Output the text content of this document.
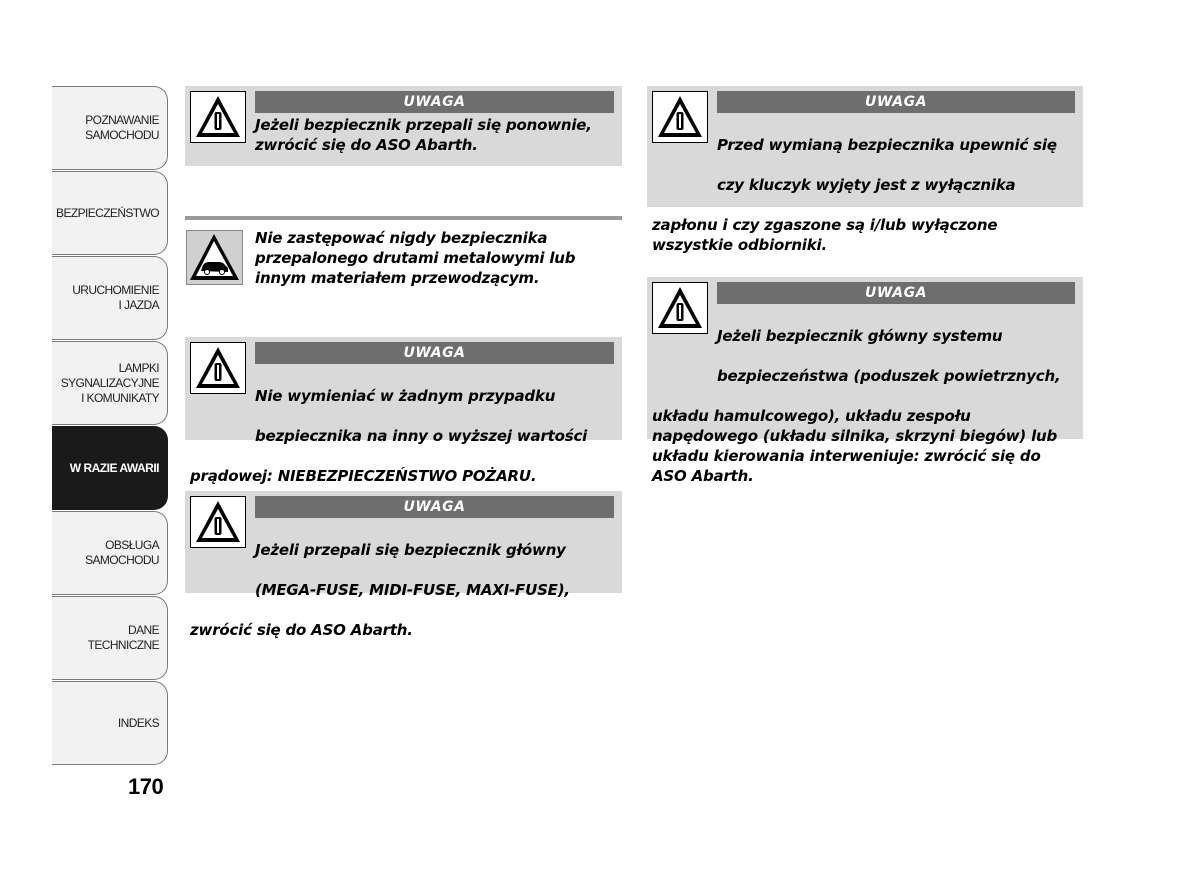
POZNAWANIE
SAMOCHODU
BEZPIECZEŃSTWO
URUCHOMIENIE
I JAZDA
LAMPKI
SYGNALIZACYJNE
I KOMUNIKATY
W RAZIE AWARII
OBSŁUGA
SAMOCHODU
DANE
TECHNICZNE
INDEKS
170
UWAGA

Jeżeli bezpiecznik przepali się ponownie, zwrócić się do ASO Abarth.

Nie zastępować nigdy bezpiecznika
przepalonego drutami metalowymi lub
innym materiałem przewodzącym.

UWAGA

Nie wymieniać w żadnym przypadku

bezpiecznika na inny o wyższej wartości

prądowej: NIEBEZPIECZEŃSTWO POŻARU.

UWAGA

Jeżeli przepali się bezpiecznik główny

(MEGA-FUSE, MIDI-FUSE, MAXI-FUSE),

zwrócić się do ASO Abarth.

UWAGA

Przed wymianą bezpiecznika upewnić się

czy kluczyk wyjęty jest z wyłącznika

zapłonu i czy zgaszone są i/lub wyłączone
wszystkie odbiorniki.

UWAGA

Jeżeli bezpiecznik główny systemu

bezpieczeństwa (poduszek powietrznych,

układu hamulcowego), układu zespołu
napędowego (układu silnika, skrzyni biegów) lub
układu kierowania interweniuje: zwrócić się do
ASO Abarth.
